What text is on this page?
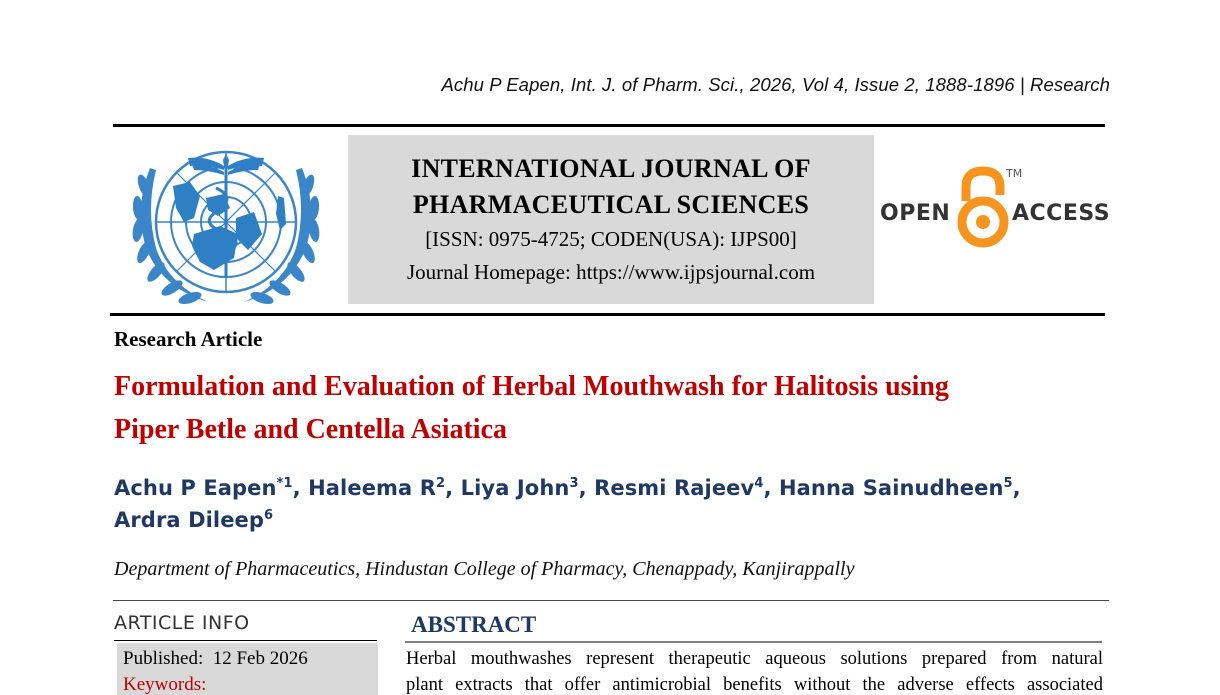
Achu P Eapen, Int. J. of Pharm. Sci., 2026, Vol 4, Issue 2, 1888-1896 | Research
INTERNATIONAL JOURNAL OF
PHARMACEUTICAL SCIENCES
[ISSN: 0975-4725; CODEN(USA): IJPS00]
Journal Homepage: https://www.ijpsjournal.com
OPEN
TM
ACCESS
Research Article
Formulation and Evaluation of Herbal Mouthwash for Halitosis using
Piper Betle and Centella Asiatica
Achu P Eapen$^{*1}$, Haleema $R^2$, Liya John$^3$, Resmi Rajeev$^4$, Hanna Sainudheen$^5$,
Ardra Dileep$^6$
Department of Pharmaceutics, Hindustan College of Pharmacy, Chenappady, Kanjirappally
ARTICLE INFO
Published: 12 Feb 2026
Keywords:
ABSTRACT
Herbal mouthwashes represent therapeutic aqueous solutions prepared from natural
plant extracts that offer antimicrobial benefits without the adverse effects associated
